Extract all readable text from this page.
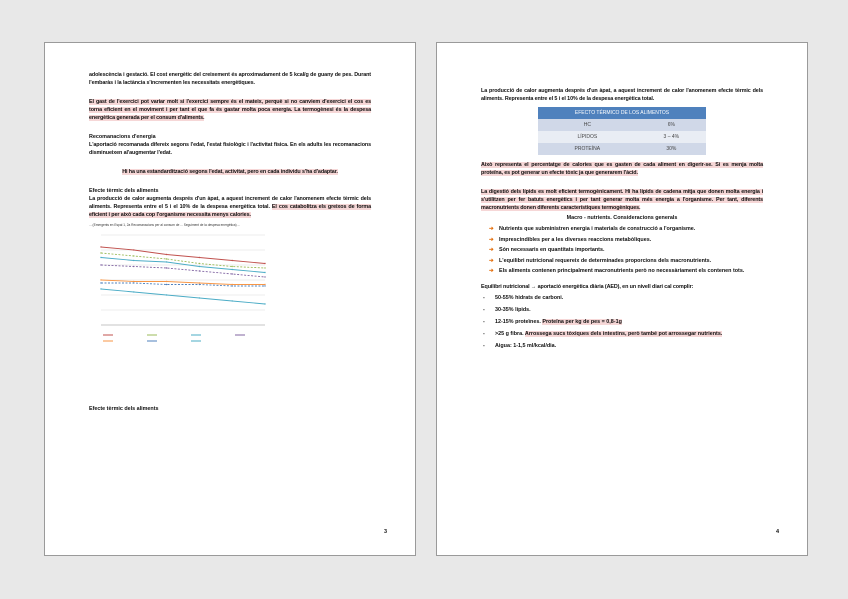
adolescència i gestació. El cost energètic del creixement és aproximadament de 5 kcal/g de guany de pes. Durant l'embaràs i la lactància s'incrementen les necessitats energètiques.

El gast de l'exercici pot variar molt si l'exercici sempre és el mateix, perquè si no canviem d'exercici el cos es torna eficient en el moviment i per tant el que fa és gastar molta poca energia. La termogènesi és la despesa energètica generada per el consum d'aliments.

Recomanacions d'energia

L'aportació recomanada difereix segons l'edat, l'estat fisiològic i l'activitat física. En els adults les recomanacions disminueixen al'augmentar l'edat.

Hi ha una estandardització segons l'edat, activitat, pero en cada individu s'ha d'adaptar.

Efecte tèrmic dels aliments

La producció de calor augmenta després d'un àpat, a aquest increment de calor l'anomenem efecte tèrmic dels aliments. Representa entre el 5 i el 10% de la despesa energètica total. El cos catabolitza els greixos de forma eficient i per això cada cop l'organisme necessita menys calories.

... (Emergents en Espai 1, 2a Recomanacions per al consum de ... Seguiment de la despesa energètica) ...

Efecte tèrmic dels aliments

3

La producció de calor augmenta després d'un àpat, a aquest increment de calor l'anomenem efecte tèrmic dels aliments. Representa entre el 5 i el 10% de la despesa energètica total.

EFECTO TÉRMICO DE LOS ALIMENTOS	
HC	6%
LÍPIDOS	3 – 4%
PROTEÍNA	30%

Això representa el percentatge de calories que es gasten de cada aliment en digerir-se. Si es menja molta proteïna, es pot generar un efecte tòxic ja que generarem l'àcid.

La digestió dels lípids es molt eficient termogènicament. Hi ha lípids de cadena mitja que donen molta energia i s'utilitzen per fer batuts energètics i per tant generar molta més energia a l'organisme. Per tant, diferents macronutrients donen diferents característiques termogèniques.

Macro - nutrients. Consideracions generals

➔ Nutrients que subministren energia i materials de construcció a l'organisme.
➔ Imprescindibles per a les diverses reaccions metabòliques.
➔ Són necessaris en quantitats importants.
➔ L'equilibri nutricional requereix de determinades proporcions dels macronutrients.
➔ Els aliments contenen principalment macronutrients però no necessàriament els contenen tots.

Equilibri nutricional → aportació energètica diària (AED), en un nivell diari cal complir:

- 50-55% hidrats de carboni.
- 30-35% lípids.
- 12-15% proteïnes. Proteïna per kg de pes = 0,8-1g
- >25 g fibra. Arrossega sucs tòxiques dels intestins, però també pot arrossegar nutrients.
- Aigua: 1-1,5 ml/kcal/dia.
4
